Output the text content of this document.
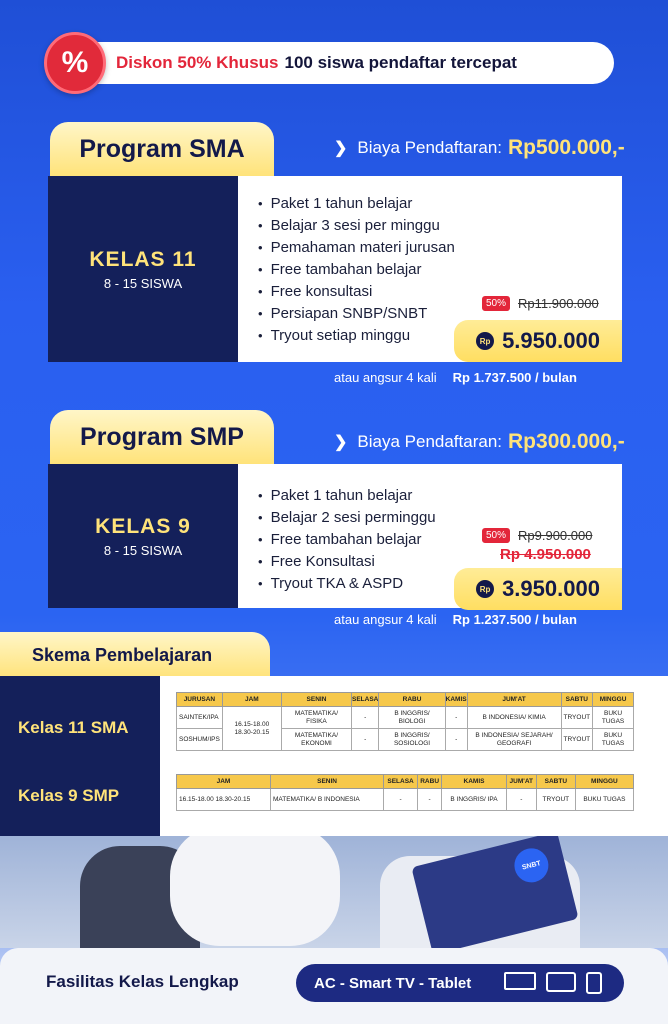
Diskon 50% Khusus 100 siswa pendaftar tercepat
%
Program SMA	❯ Biaya Pendaftaran: Rp500.000,-
KELAS 11
8 - 15 SISWA
• Paket 1 tahun belajar
• Belajar 3 sesi per minggu
• Pemahaman materi jurusan
• Free tambahan belajar
• Free konsultasi
• Persiapan SNBP/SNBT
• Tryout setiap minggu
50% Rp11.900.000
Rp 5.950.000
atau angsur 4 kali Rp 1.737.500 / bulan
Program SMP	❯ Biaya Pendaftaran: Rp300.000,-
KELAS 9
8 - 15 SISWA
• Paket 1 tahun belajar
• Belajar 2 sesi perminggu
• Free tambahan belajar
• Free Konsultasi
• Tryout TKA & ASPD
50% Rp9.900.000
Rp 4.950.000
Rp 3.950.000
atau angsur 4 kali Rp 1.237.500 / bulan
Skema Pembelajaran
Kelas 11 SMA
Kelas 9 SMP
JURUSAN	JAM	SENIN	SELASA	RABU	KAMIS	JUM'AT	SABTU	MINGGU
SAINTEK/IPA	16.15-18.00 18.30-20.15	MATEMATIKA/ FISIKA	-	B INGGRIS/ BIOLOGI	-	B INDONESIA/ KIMIA	TRYOUT	BUKU TUGAS
SOSHUM/IPS		MATEMATIKA/ EKONOMI	-	B INGGRIS/ SOSIOLOGI	-	B INDONESIA/ SEJARAH/ GEOGRAFI	TRYOUT	BUKU TUGAS
JAM	SENIN	SELASA	RABU	KAMIS	JUM'AT	SABTU	MINGGU
16.15-18.00 18.30-20.15	MATEMATIKA/ B INDONESIA	-	-	B INGGRIS/ IPA	-	TRYOUT	BUKU TUGAS
SNBT
Fasilitas Kelas Lengkap	AC - Smart TV - Tablet
